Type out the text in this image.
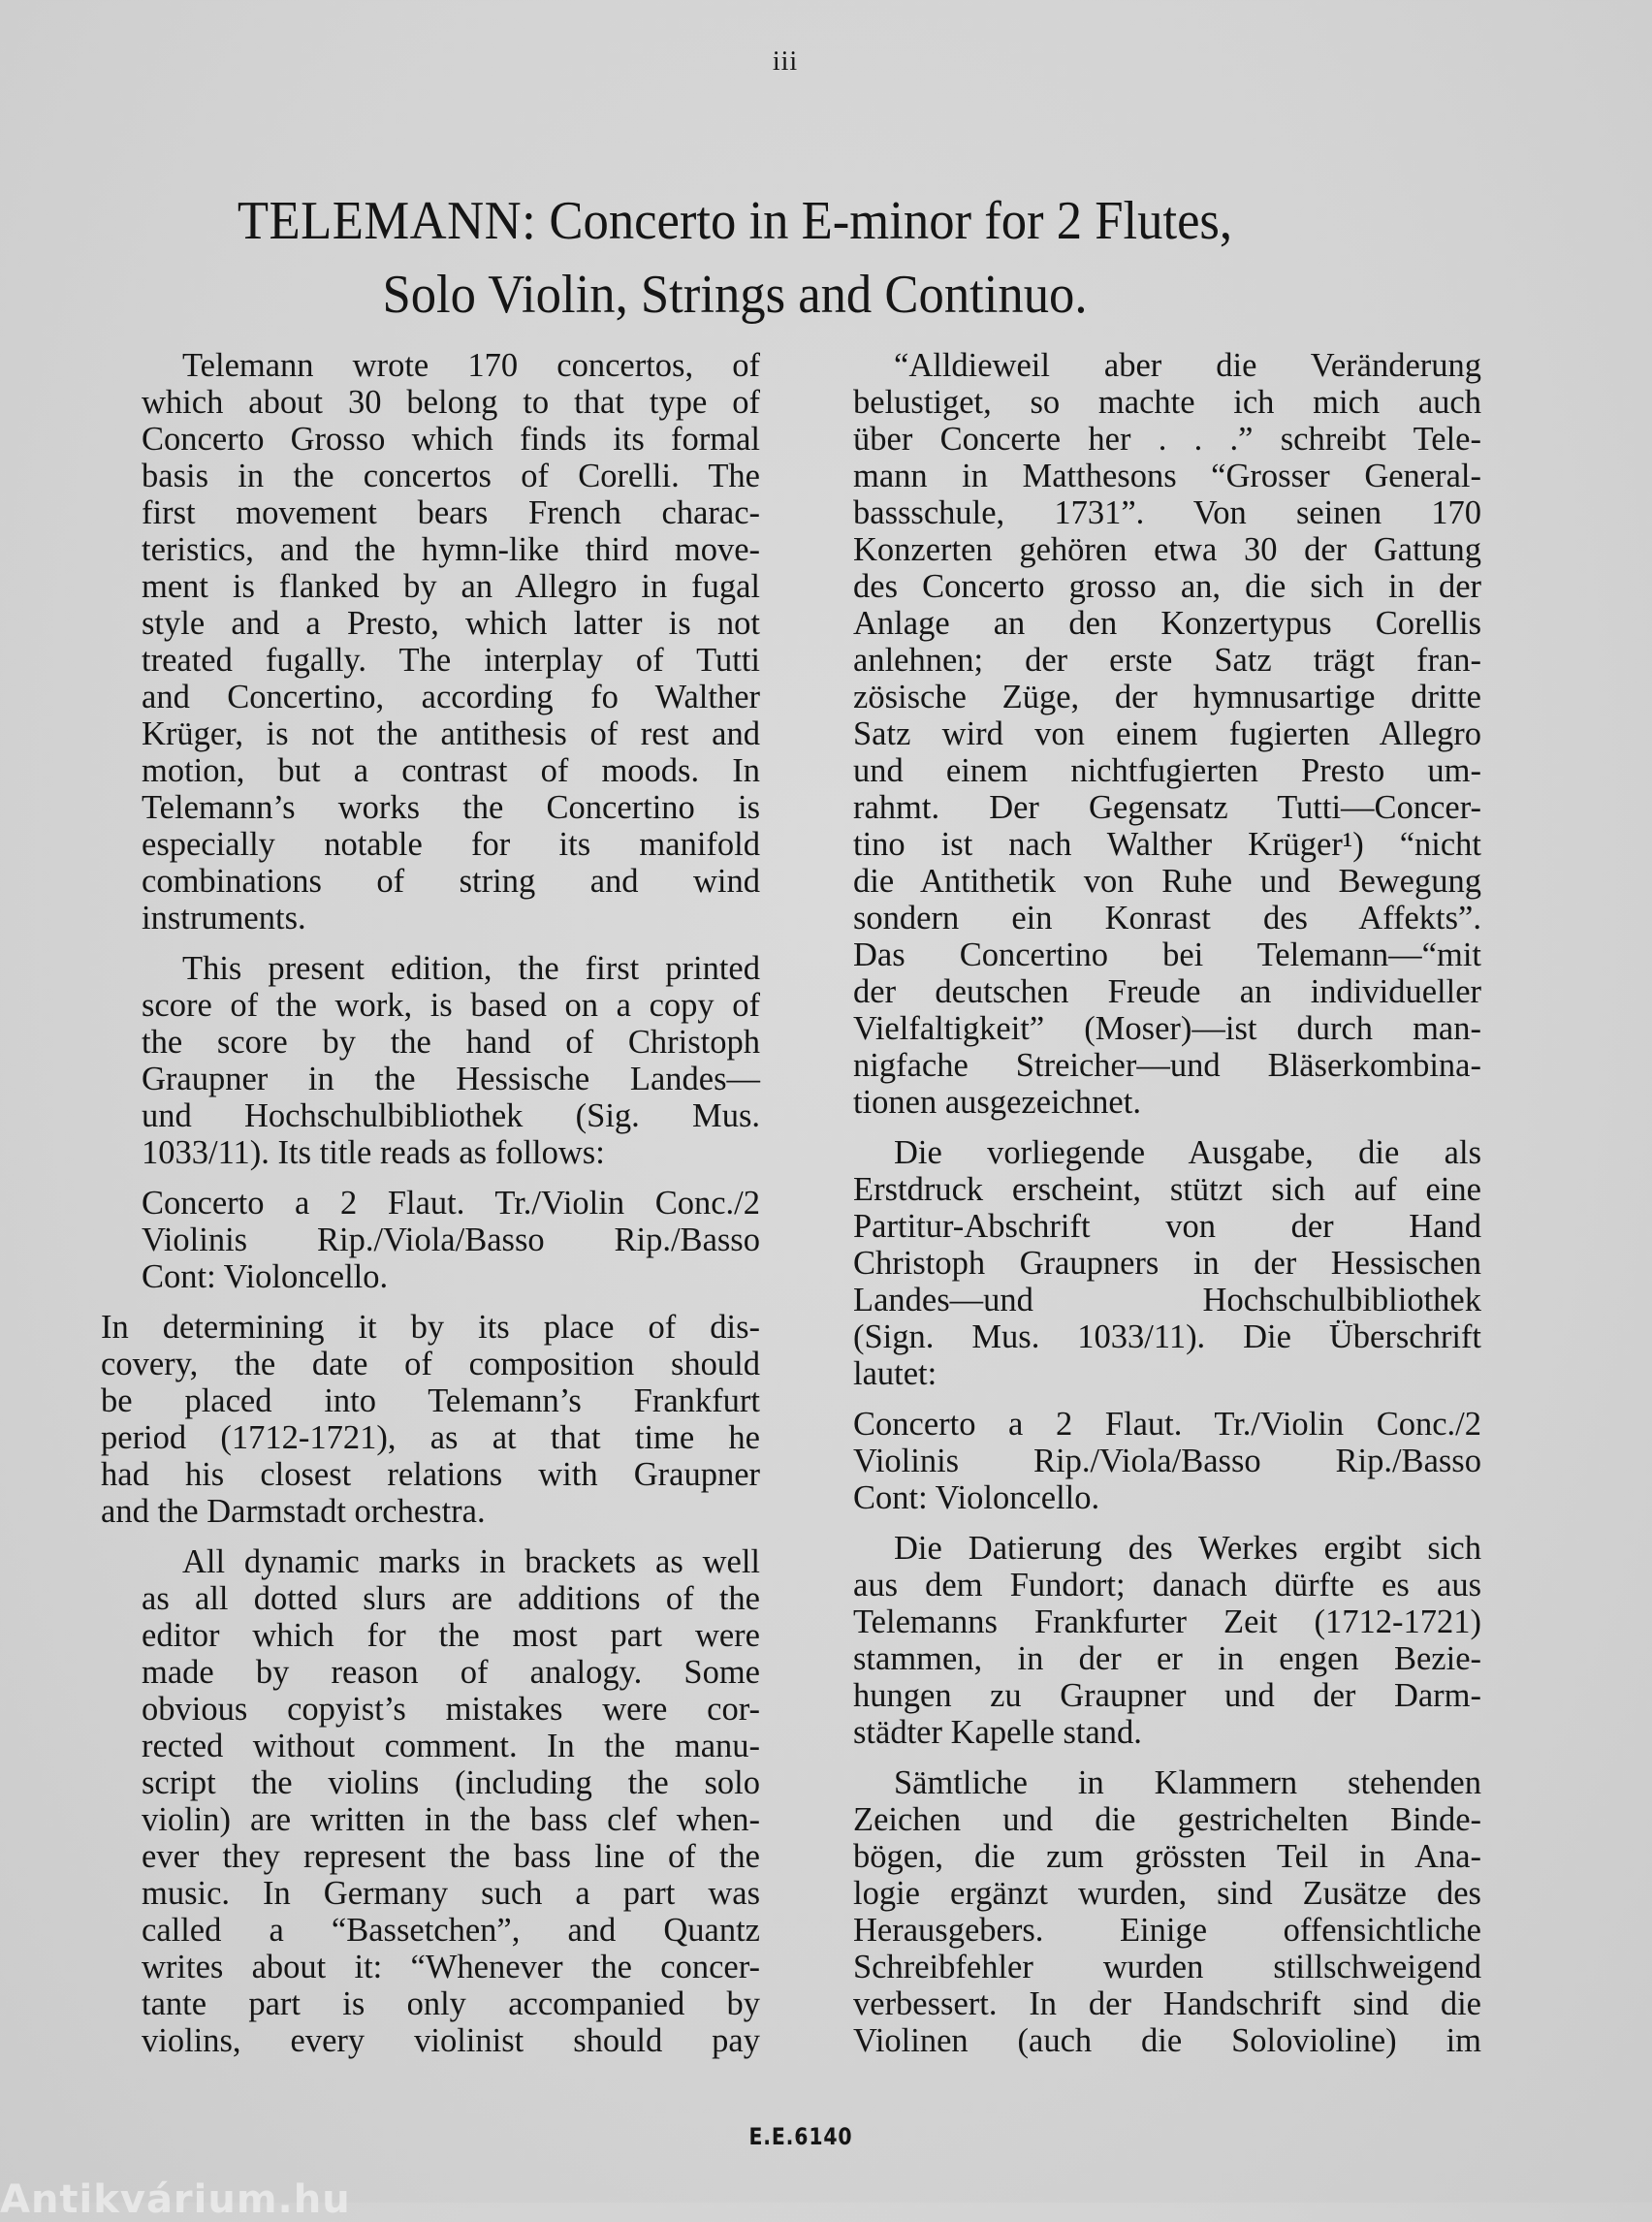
iii
TELEMANN: Concerto in E-minor for 2 Flutes,
Solo Violin, Strings and Continuo.
Telemann wrote 170 concertos, of
which about 30 belong to that type of
Concerto Grosso which finds its formal
basis in the concertos of Corelli. The
first movement bears French charac-
teristics, and the hymn-like third move-
ment is flanked by an Allegro in fugal
style and a Presto, which latter is not
treated fugally. The interplay of Tutti
and Concertino, according fo Walther
Krüger, is not the antithesis of rest and
motion, but a contrast of moods. In
Telemann’s works the Concertino is
especially notable for its manifold
combinations of string and wind
instruments.
This present edition, the first printed
score of the work, is based on a copy of
the score by the hand of Christoph
Graupner in the Hessische Landes—
und Hochschulbibliothek (Sig. Mus.
1033/11). Its title reads as follows:
Concerto a 2 Flaut. Tr./Violin Conc./2
Violinis Rip./Viola/Basso Rip./Basso
Cont: Violoncello.
In determining it by its place of dis-
covery, the date of composition should
be placed into Telemann’s Frankfurt
period (1712-1721), as at that time he
had his closest relations with Graupner
and the Darmstadt orchestra.
All dynamic marks in brackets as well
as all dotted slurs are additions of the
editor which for the most part were
made by reason of analogy. Some
obvious copyist’s mistakes were cor-
rected without comment. In the manu-
script the violins (including the solo
violin) are written in the bass clef when-
ever they represent the bass line of the
music. In Germany such a part was
called a “Bassetchen”, and Quantz
writes about it: “Whenever the concer-
tante part is only accompanied by
violins, every violinist should pay
“Alldieweil aber die Veränderung
belustiget, so machte ich mich auch
über Concerte her . . .” schreibt Tele-
mann in Matthesons “Grosser General-
bassschule, 1731”. Von seinen 170
Konzerten gehören etwa 30 der Gattung
des Concerto grosso an, die sich in der
Anlage an den Konzertypus Corellis
anlehnen; der erste Satz trägt fran-
zösische Züge, der hymnusartige dritte
Satz wird von einem fugierten Allegro
und einem nichtfugierten Presto um-
rahmt. Der Gegensatz Tutti—Concer-
tino ist nach Walther Krüger¹) “nicht
die Antithetik von Ruhe und Bewegung
sondern ein Konrast des Affekts”.
Das Concertino bei Telemann—“mit
der deutschen Freude an individueller
Vielfaltigkeit” (Moser)—ist durch man-
nigfache Streicher—und Bläserkombina-
tionen ausgezeichnet.
Die vorliegende Ausgabe, die als
Erstdruck erscheint, stützt sich auf eine
Partitur-Abschrift von der Hand
Christoph Graupners in der Hessischen
Landes—und Hochschulbibliothek
(Sign. Mus. 1033/11). Die Überschrift
lautet:
Concerto a 2 Flaut. Tr./Violin Conc./2
Violinis Rip./Viola/Basso Rip./Basso
Cont: Violoncello.
Die Datierung des Werkes ergibt sich
aus dem Fundort; danach dürfte es aus
Telemanns Frankfurter Zeit (1712-1721)
stammen, in der er in engen Bezie-
hungen zu Graupner und der Darm-
städter Kapelle stand.
Sämtliche in Klammern stehenden
Zeichen und die gestrichelten Binde-
bögen, die zum grössten Teil in Ana-
logie ergänzt wurden, sind Zusätze des
Herausgebers. Einige offensichtliche
Schreibfehler wurden stillschweigend
verbessert. In der Handschrift sind die
Violinen (auch die Solovioline) im
E.E.6140
Antikvárium.hu
